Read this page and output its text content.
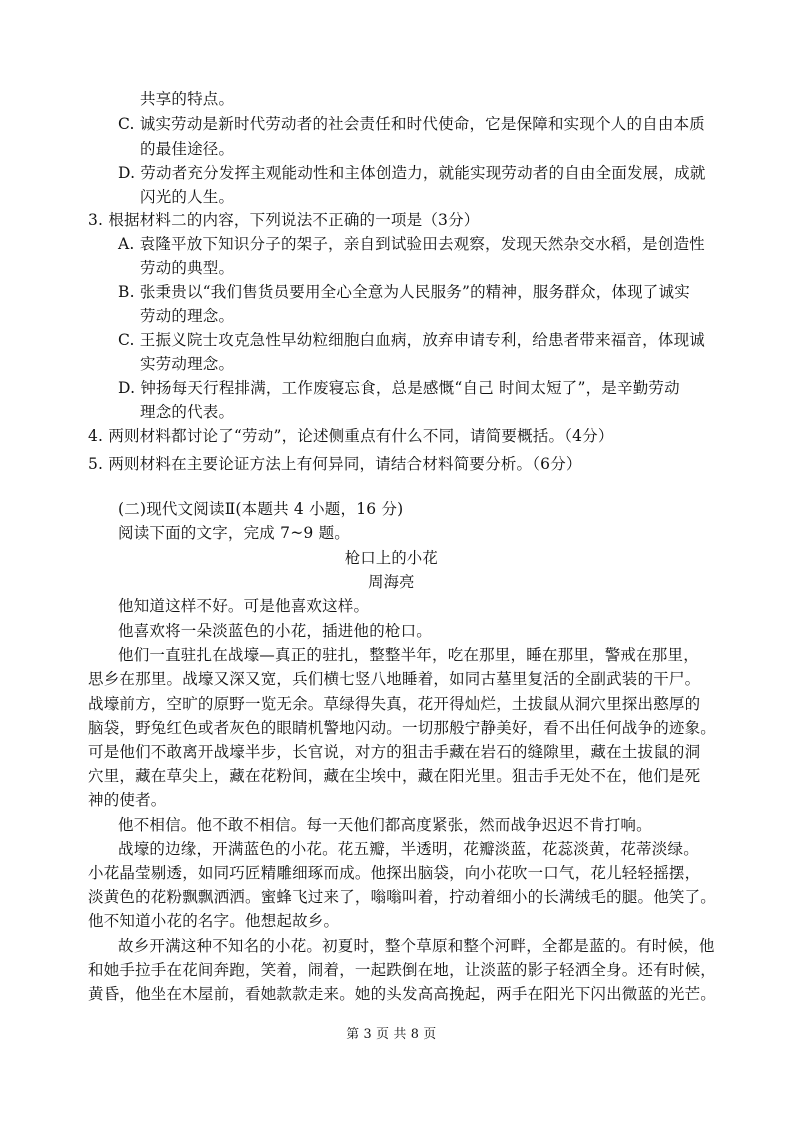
共享的特点。
C. 诚实劳动是新时代劳动者的社会责任和时代使命，它是保障和实现个人的自由本质
的最佳途径。
D. 劳动者充分发挥主观能动性和主体创造力，就能实现劳动者的自由全面发展，成就
闪光的人生。
3. 根据材料二的内容，下列说法不正确的一项是（3分）
A. 袁隆平放下知识分子的架子，亲自到试验田去观察，发现天然杂交水稻，是创造性
劳动的典型。
B. 张秉贵以“我们售货员要用全心全意为人民服务”的精神，服务群众，体现了诚实
劳动的理念。
C. 王振义院士攻克急性早幼粒细胞白血病，放弃申请专利，给患者带来福音，体现诚
实劳动理念。
D. 钟扬每天行程排满，工作废寝忘食，总是感慨“自己 时间太短了”，是辛勤劳动
理念的代表。
4. 两则材料都讨论了“劳动”，论述侧重点有什么不同，请简要概括。（4分）
5. 两则材料在主要论证方法上有何异同，请结合材料简要分析。（6分）
(二)现代文阅读Ⅱ(本题共 4 小题，16 分)
阅读下面的文字，完成 7~9 题。
枪口上的小花
周海亮
他知道这样不好。可是他喜欢这样。
他喜欢将一朵淡蓝色的小花，插进他的枪口。
他们一直驻扎在战壕—真正的驻扎，整整半年，吃在那里，睡在那里，警戒在那里，
思乡在那里。战壕又深又宽，兵们横七竖八地睡着，如同古墓里复活的全副武装的干尸。
战壕前方，空旷的原野一览无余。草绿得失真，花开得灿烂，土拔鼠从洞穴里探出憨厚的
脑袋，野兔红色或者灰色的眼睛机警地闪动。一切那般宁静美好，看不出任何战争的迹象。
可是他们不敢离开战壕半步，长官说，对方的狙击手藏在岩石的缝隙里，藏在土拔鼠的洞
穴里，藏在草尖上，藏在花粉间，藏在尘埃中，藏在阳光里。狙击手无处不在，他们是死
神的使者。
他不相信。他不敢不相信。每一天他们都高度紧张，然而战争迟迟不肯打响。
战壕的边缘，开满蓝色的小花。花五瓣，半透明，花瓣淡蓝，花蕊淡黄，花蒂淡绿。
小花晶莹剔透，如同巧匠精雕细琢而成。他探出脑袋，向小花吹一口气，花儿轻轻摇摆，
淡黄色的花粉飘飘洒洒。蜜蜂飞过来了，嗡嗡叫着，拧动着细小的长满绒毛的腿。他笑了。
他不知道小花的名字。他想起故乡。
故乡开满这种不知名的小花。初夏时，整个草原和整个河畔，全都是蓝的。有时候，他
和她手拉手在花间奔跑，笑着，闹着，一起跌倒在地，让淡蓝的影子轻洒全身。还有时候，
黄昏，他坐在木屋前，看她款款走来。她的头发高高挽起，两手在阳光下闪出微蓝的光芒。
第 3 页 共 8 页
